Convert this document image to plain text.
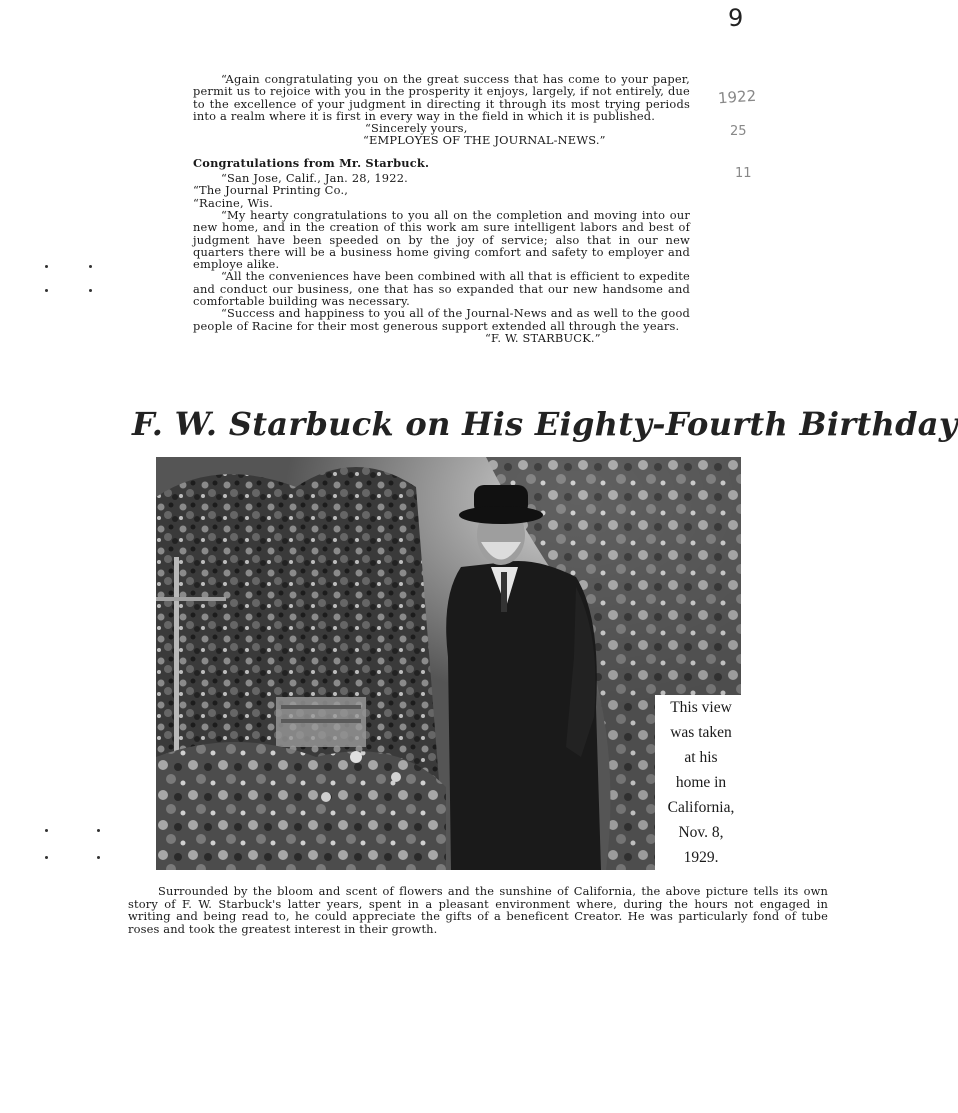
9
1922
25
11

“Again congratulating you on the great success that has come to your paper, permit us to rejoice with you in the prosperity it enjoys, largely, if not entirely, due to the excellence of your judgment in directing it through its most trying periods into a realm where it is first in every way in the field in which it is published.

“Sincerely yours,

“EMPLOYES OF THE JOURNAL-NEWS.”

Congratulations from Mr. Starbuck.

“San Jose, Calif., Jan. 28, 1922.

“The Journal Printing Co.,

“Racine, Wis.

“My hearty congratulations to you all on the completion and moving into our new home, and in the creation of this work am sure intelligent labors and best of judgment have been speeded on by the joy of service; also that in our new quarters there will be a business home giving comfort and safety to employer and employe alike.

“All the conveniences have been combined with all that is efficient to expedite and conduct our business, one that has so expanded that our new handsome and comfortable building was necessary.

“Success and happiness to you all of the Journal-News and as well to the good people of Racine for their most generous support extended all through the years.

“F. W. STARBUCK.”

F. W. Starbuck on His Eighty-Fourth Birthday
This view
was taken
at his
home in
California,
Nov. 8,
1929.

Surrounded by the bloom and scent of flowers and the sunshine of California, the above picture tells its own story of F. W. Starbuck's latter years, spent in a pleasant environment where, during the hours not engaged in writing and being read to, he could appreciate the gifts of a beneficent Creator. He was particularly fond of tube roses and took the greatest interest in their growth.
